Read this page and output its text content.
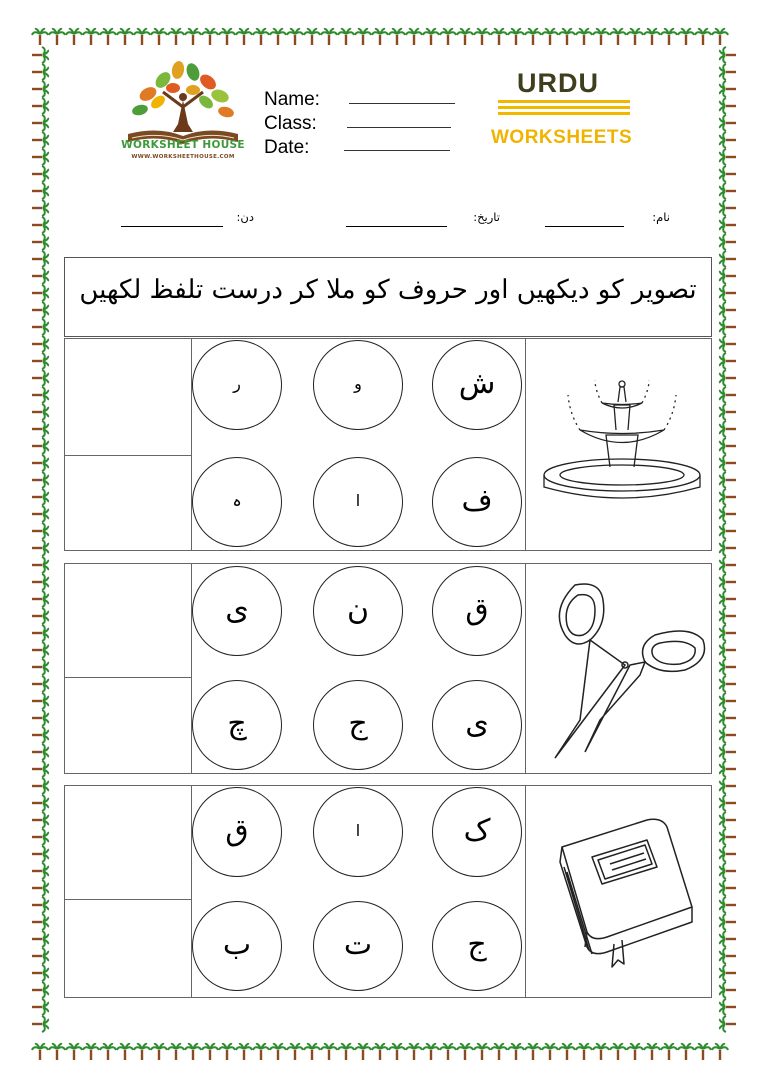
WORKSHEET HOUSE
WWW.WORKSHEETHOUSE.COM
Name:
Class:
Date:
URDU
WORKSHEETS
نام:
تاریخ:
دن:
تصویر کو دیکھیں اور حروف کو ملا کر درست تلفظ لکھیں
ش
و
ر
ف
ا
ہ
ق
ن
ی
ی
ج
چ
ک
ا
ق
ج
ت
ب
